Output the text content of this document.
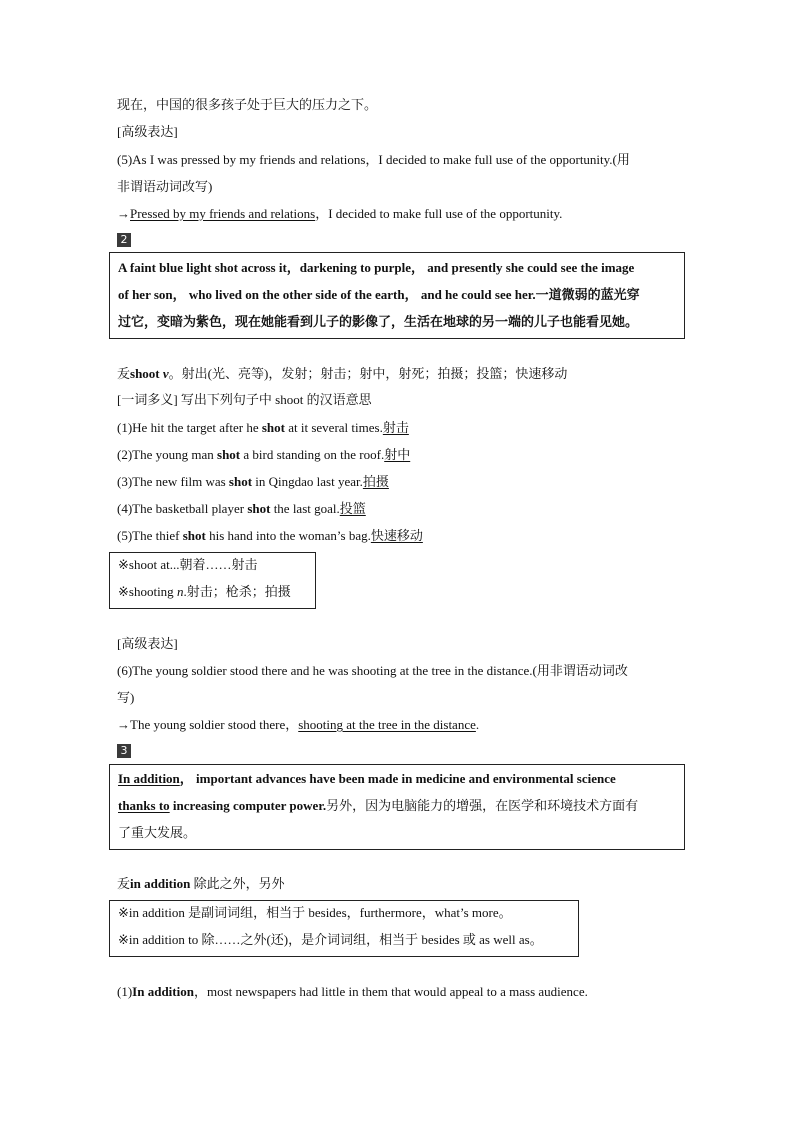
现在，中国的很多孩子处于巨大的压力之下。
[高级表达]
(5)As I was pressed by my friends and relations，I decided to make full use of the opportunity.(用
非谓语动词改写)
→Pressed by my friends and relations，I decided to make full use of the opportunity.
2
A faint blue light shot across it，darkening to purple， and presently she could see the image
of her son， who lived on the other side of the earth， and he could see her.一道微弱的蓝光穿
过它，变暗为紫色，现在她能看到儿子的影像了，生活在地球的另一端的儿子也能看见她。
叐shoot v。射出(光、亮等)，发射；射击；射中，射死；拍摄；投篮；快速移动
[一词多义] 写出下列句子中 shoot 的汉语意思
(1)He hit the target after he shot at it several times.射击
(2)The young man shot a bird standing on the roof.射中
(3)The new film was shot in Qingdao last year.拍摄
(4)The basketball player shot the last goal.投篮
(5)The thief shot his hand into the woman’s bag.快速移动
※shoot at...朝着……射击
※shooting n.射击；枪杀；拍摄
[高级表达]
(6)The young soldier stood there and he was shooting at the tree in the distance.(用非谓语动词改
写)
→The young soldier stood there，shooting at the tree in the distance.
3
In addition， important advances have been made in medicine and environmental science
thanks to increasing computer power.另外，因为电脑能力的增强，在医学和环境技术方面有
了重大发展。
叐in addition 除此之外，另外
※in addition 是副词词组，相当于 besides，furthermore，what’s more。
※in addition to 除……之外(还)，是介词词组，相当于 besides 或 as well as。
(1)In addition，most newspapers had little in them that would appeal to a mass audience.
